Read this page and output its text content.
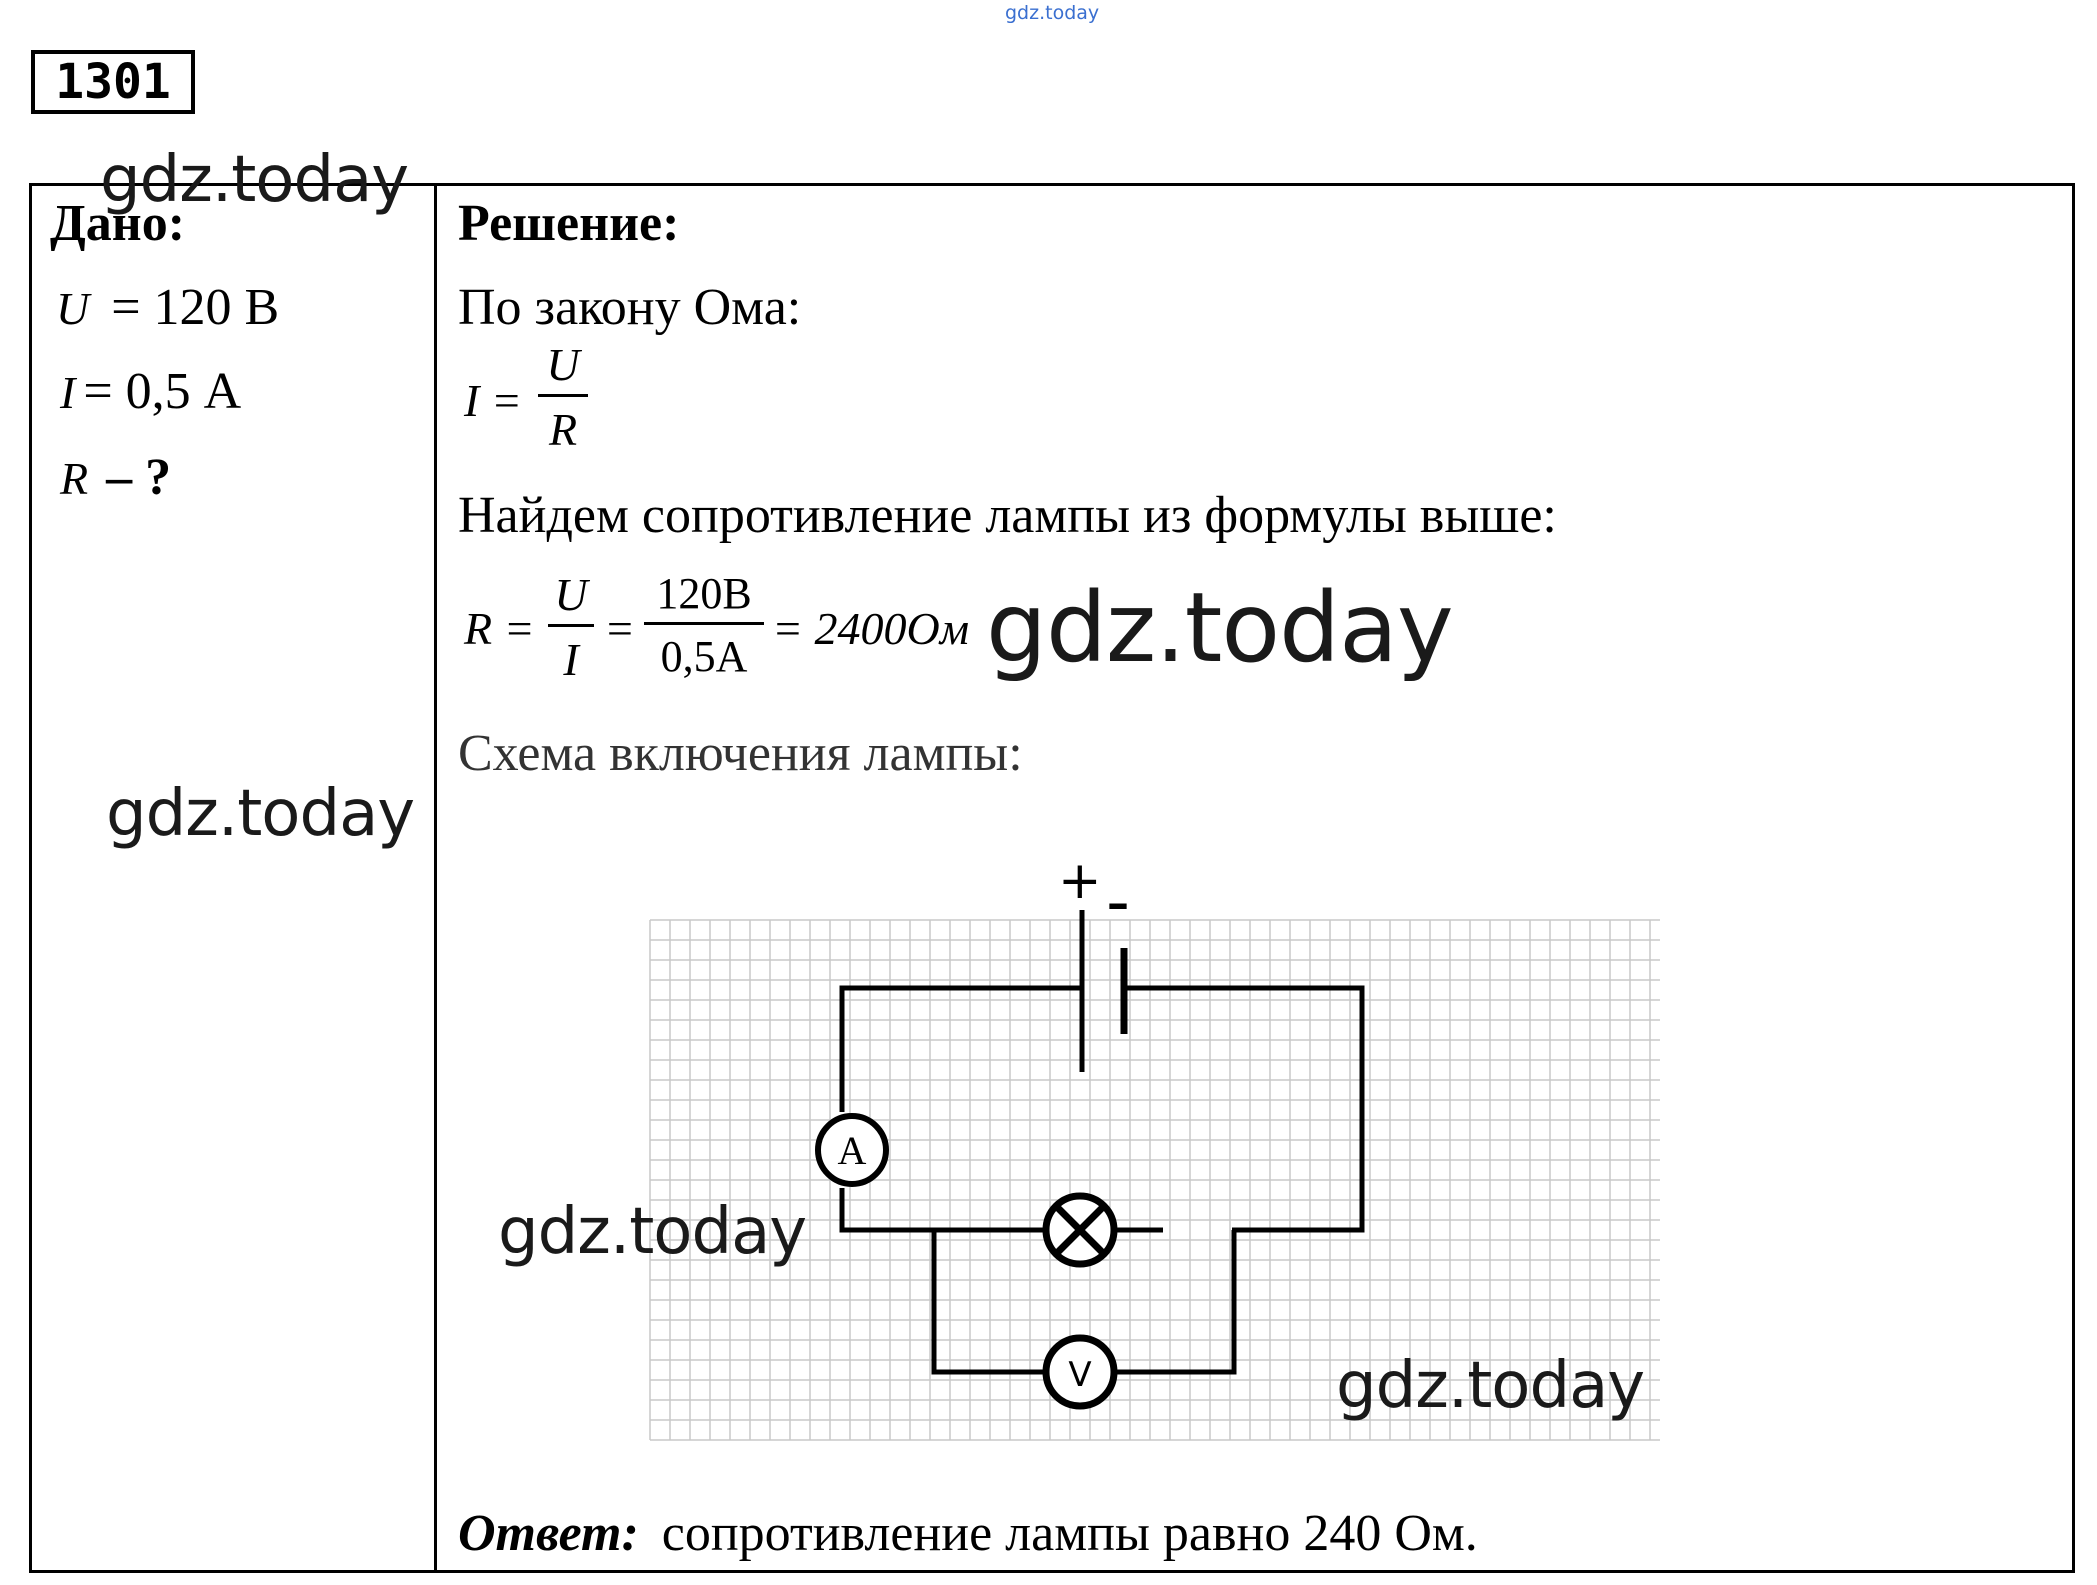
gdz.today
1301
Дано:
U = 120 В
I = 0,5 А
R – ?
Решение:
По закону Ома:
I =
U
R
Найдем сопротивление лампы из формулы выше:
R =
U
I
=
120B
0,5A
= 2400Ом
Схема включения лампы:
+ –
A
V
Ответ: сопротивление лампы равно 240 Ом.
gdz.today
gdz.today
gdz.today
gdz.today
gdz.today
